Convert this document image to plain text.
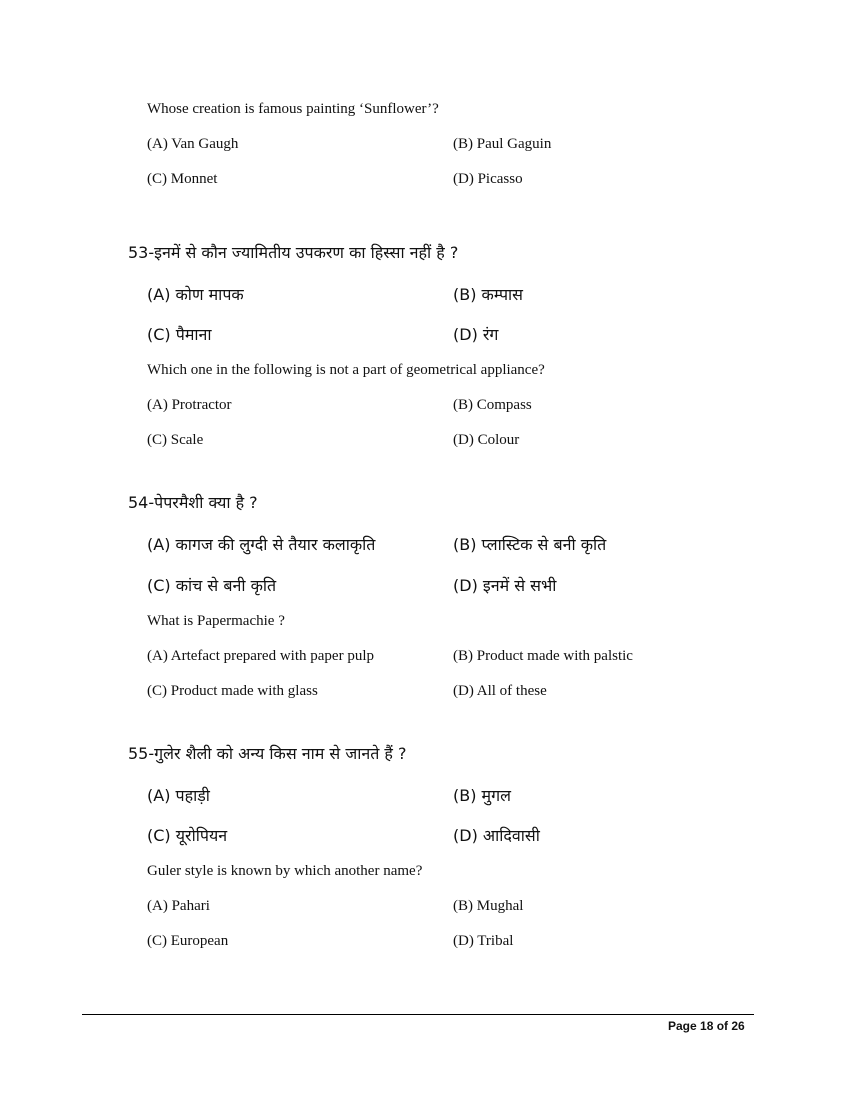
Whose creation is famous painting ‘Sunflower’?
(A) Van Gaugh	(B) Paul Gaguin
(C) Monnet	(D) Picasso
53-इनमें से कौन ज्यामितीय उपकरण का हिस्सा नहीं है ?
(A) कोण मापक	(B) कम्पास
(C) पैमाना	(D) रंग
Which one in the following is not a part of geometrical appliance?
(A) Protractor	(B) Compass
(C) Scale	(D) Colour
54-पेपरमैशी क्या है ?
(A) कागज की लुग्दी से तैयार कलाकृति	(B) प्लास्टिक से बनी कृति
(C) कांच से बनी कृति	(D) इनमें से सभी
What is Papermachie ?
(A) Artefact prepared with paper pulp	(B) Product made with palstic
(C) Product made with glass	(D) All of these
55-गुलेर शैली को अन्य किस नाम से जानते हैं ?
(A) पहाड़ी	(B) मुगल
(C) यूरोपियन	(D) आदिवासी
Guler style is known by which another name?
(A) Pahari	(B) Mughal
(C) European	(D) Tribal
Page 18 of 26
